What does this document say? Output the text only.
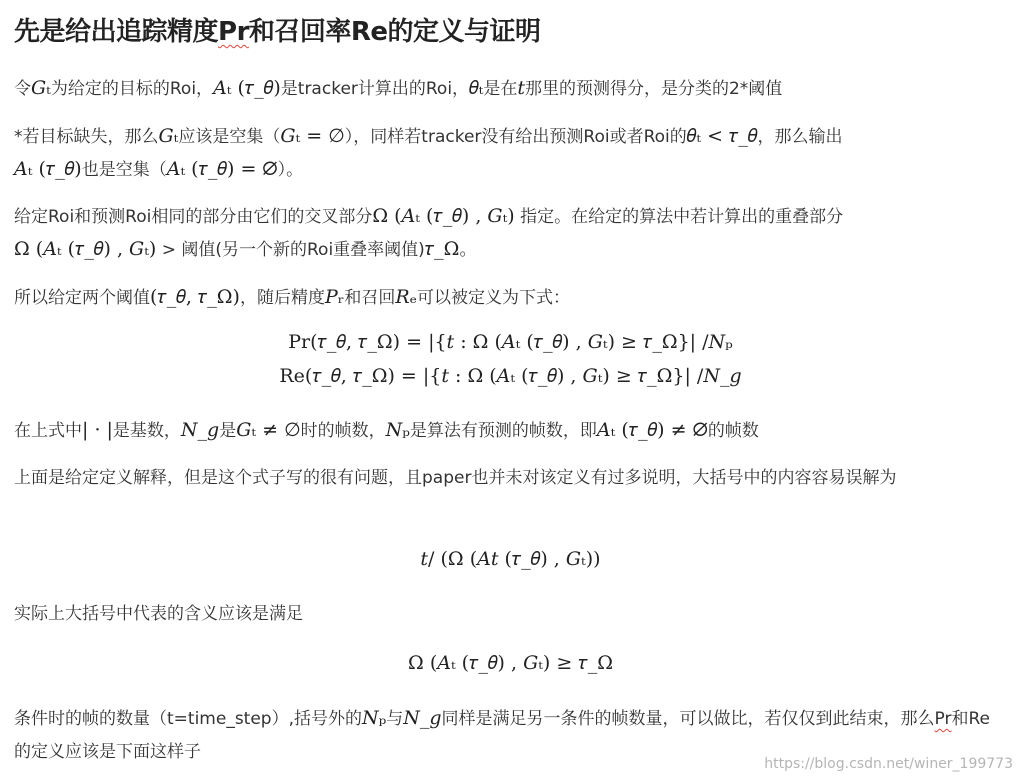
先是给出追踪精度Pr和召回率Re的定义与证明

令𝐺ₜ为给定的目标的Roi，𝐴ₜ (𝜏_𝜃)是tracker计算出的Roi，𝜃ₜ是在𝑡那里的预测得分，是分类的2*阈值

*若目标缺失，那么𝐺ₜ应该是空集（𝐺ₜ = ∅），同样若tracker没有给出预测Roi或者Roi的𝜃ₜ < 𝜏_𝜃，那么输出

𝐴ₜ (𝜏_𝜃)也是空集（𝐴ₜ (𝜏_𝜃) = ∅）。

给定Roi和预测Roi相同的部分由它们的交叉部分Ω (𝐴ₜ (𝜏_𝜃) , 𝐺ₜ) 指定。在给定的算法中若计算出的重叠部分

Ω (𝐴ₜ (𝜏_𝜃) , 𝐺ₜ) > 阈值(另一个新的Roi重叠率阈值)𝜏_Ω。

所以给定两个阈值(𝜏_𝜃, 𝜏_Ω)，随后精度𝑃ᵣ和召回𝑅ₑ可以被定义为下式：

Pr(𝜏_𝜃, 𝜏_Ω) = |{𝑡 : Ω (𝐴ₜ (𝜏_𝜃) , 𝐺ₜ) ≥ 𝜏_Ω}| /𝑁ₚ
Re(𝜏_𝜃, 𝜏_Ω) = |{𝑡 : Ω (𝐴ₜ (𝜏_𝜃) , 𝐺ₜ) ≥ 𝜏_Ω}| /𝑁_𝑔

在上式中| · |是基数，𝑁_𝑔是𝐺ₜ ≠ ∅时的帧数，𝑁ₚ是算法有预测的帧数，即𝐴ₜ (𝜏_𝜃) ≠ ∅的帧数

上面是给定定义解释，但是这个式子写的很有问题，且paper也并未对该定义有过多说明，大括号中的内容容易误解为

𝑡/ (Ω (𝐴𝑡 (𝜏_𝜃) , 𝐺ₜ))

实际上大括号中代表的含义应该是满足

Ω (𝐴ₜ (𝜏_𝜃) , 𝐺ₜ) ≥ 𝜏_Ω

条件时的帧的数量（t=time_step）,括号外的𝑁ₚ与𝑁_𝑔同样是满足另一条件的帧数量，可以做比，若仅仅到此结束，那么Pr和Re的定义应该是下面这样子

https://blog.csdn.net/winer_199773
